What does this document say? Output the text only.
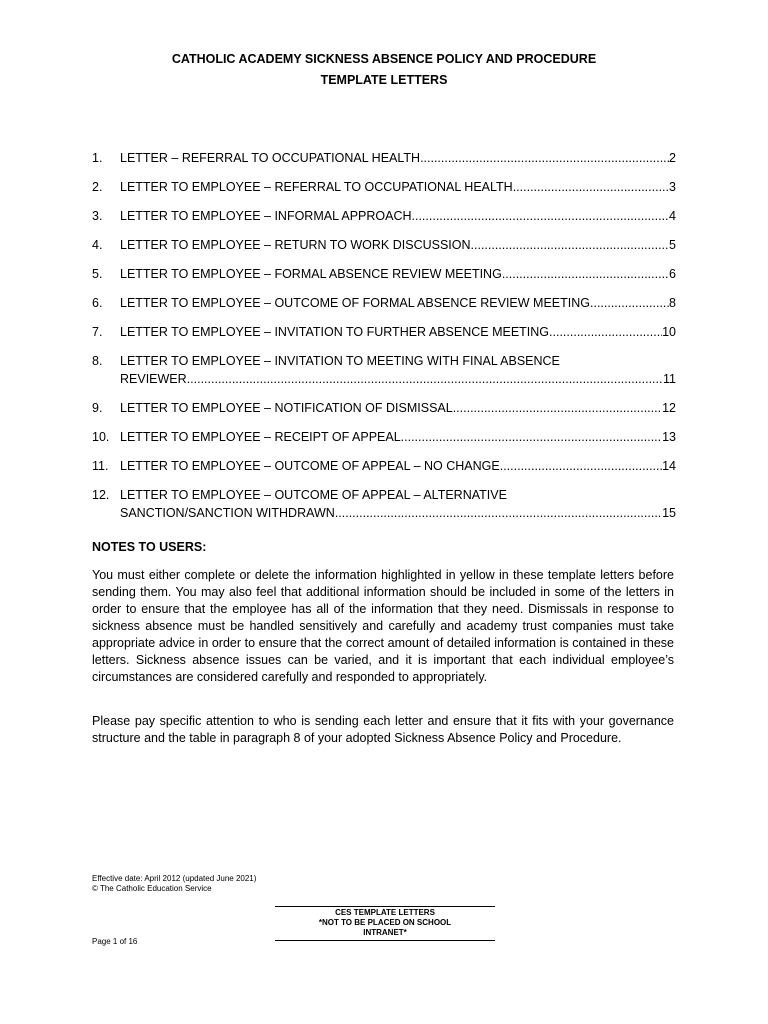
CATHOLIC ACADEMY SICKNESS ABSENCE POLICY AND PROCEDURE
TEMPLATE LETTERS
1. LETTER – REFERRAL TO OCCUPATIONAL HEALTH .....	2
2. LETTER TO EMPLOYEE – REFERRAL TO OCCUPATIONAL HEALTH .....	3
3. LETTER TO EMPLOYEE – INFORMAL APPROACH .....	4
4. LETTER TO EMPLOYEE – RETURN TO WORK DISCUSSION .....	5
5. LETTER TO EMPLOYEE – FORMAL ABSENCE REVIEW MEETING .....	6
6. LETTER TO EMPLOYEE – OUTCOME OF FORMAL ABSENCE REVIEW MEETING .....	8
7. LETTER TO EMPLOYEE – INVITATION TO FURTHER ABSENCE MEETING .....	10
8. LETTER TO EMPLOYEE – INVITATION TO MEETING WITH FINAL ABSENCE
REVIEWER .....	11
9. LETTER TO EMPLOYEE – NOTIFICATION OF DISMISSAL .....	12
10. LETTER TO EMPLOYEE – RECEIPT OF APPEAL .....	13
11. LETTER TO EMPLOYEE – OUTCOME OF APPEAL – NO CHANGE .....	14
12. LETTER TO EMPLOYEE – OUTCOME OF APPEAL – ALTERNATIVE
SANCTION/SANCTION WITHDRAWN .....	15
NOTES TO USERS:
You must either complete or delete the information highlighted in yellow in these template letters before sending them. You may also feel that additional information should be included in some of the letters in order to ensure that the employee has all of the information that they need. Dismissals in response to sickness absence must be handled sensitively and carefully and academy trust companies must take appropriate advice in order to ensure that the correct amount of detailed information is contained in these letters. Sickness absence issues can be varied, and it is important that each individual employee’s circumstances are considered carefully and responded to appropriately.
Please pay specific attention to who is sending each letter and ensure that it fits with your governance structure and the table in paragraph 8 of your adopted Sickness Absence Policy and Procedure.
Effective date: April 2012 (updated June 2021)
© The Catholic Education Service
CES TEMPLATE LETTERS
*NOT TO BE PLACED ON SCHOOL
INTRANET*
Page 1 of 16
